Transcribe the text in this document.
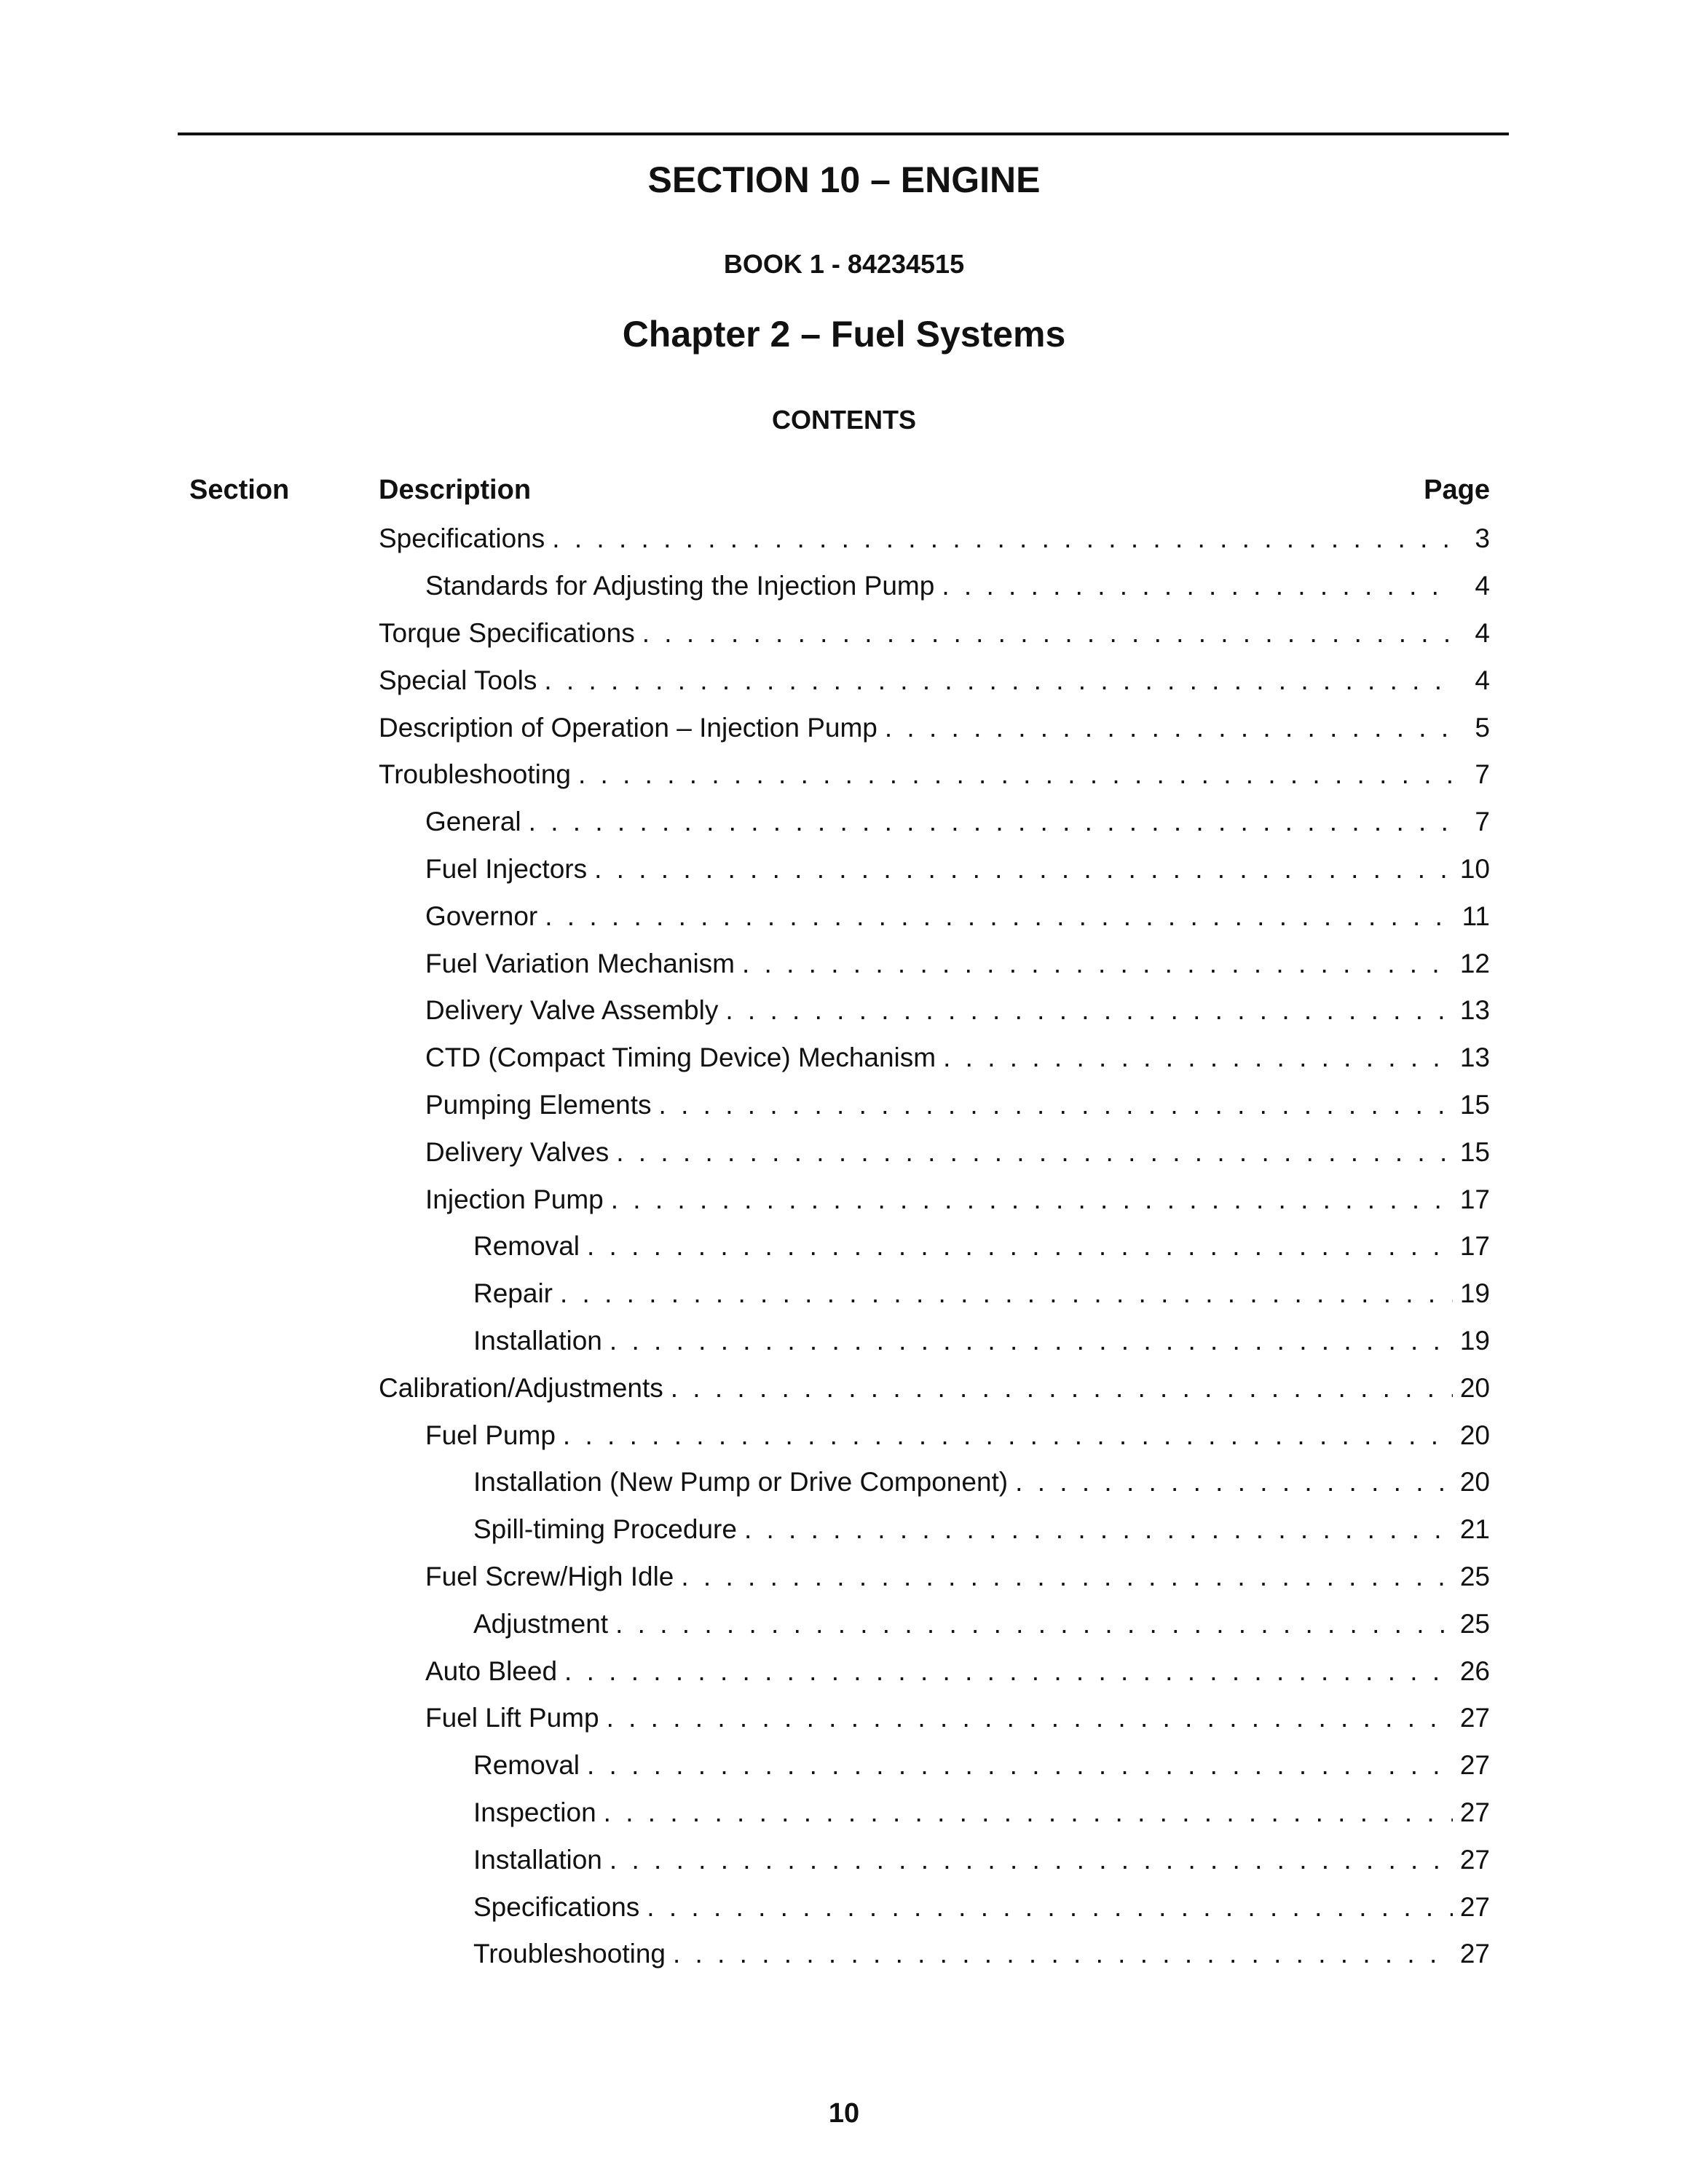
SECTION 10 – ENGINE
BOOK 1 - 84234515
Chapter 2 – Fuel Systems
CONTENTS
Section	Description	Page
Specifications . . .	3
Standards for Adjusting the Injection Pump . . .	4
Torque Specifications . . .	4
Special Tools . . .	4
Description of Operation – Injection Pump . . .	5
Troubleshooting . . .	7
General . . .	7
Fuel Injectors . . .	10
Governor . . .	11
Fuel Variation Mechanism . . .	12
Delivery Valve Assembly . . .	13
CTD (Compact Timing Device) Mechanism . . .	13
Pumping Elements . . .	15
Delivery Valves . . .	15
Injection Pump . . .	17
Removal . . .	17
Repair . . .	19
Installation . . .	19
Calibration/Adjustments . . .	20
Fuel Pump . . .	20
Installation (New Pump or Drive Component) . . .	20
Spill-timing Procedure . . .	21
Fuel Screw/High Idle . . .	25
Adjustment . . .	25
Auto Bleed . . .	26
Fuel Lift Pump . . .	27
Removal . . .	27
Inspection . . .	27
Installation . . .	27
Specifications . . .	27
Troubleshooting . . .	27
10
